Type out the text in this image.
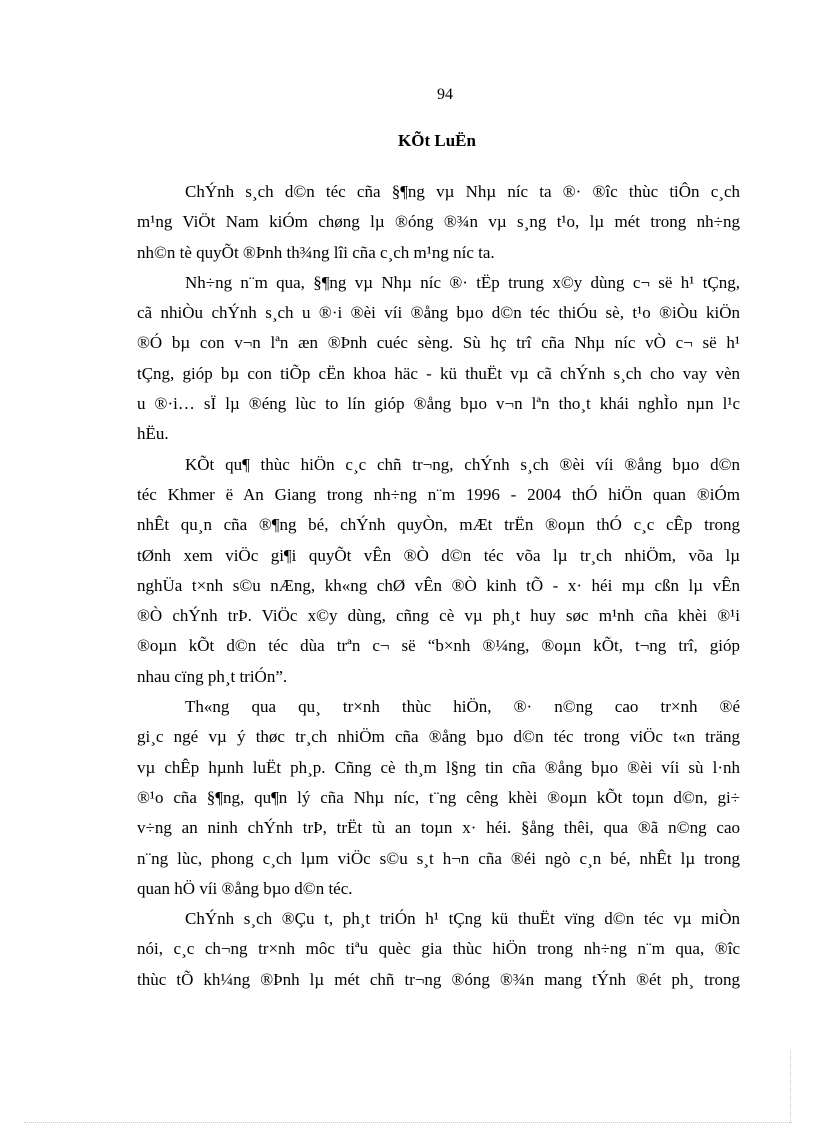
94
KÕt LuËn
ChÝnh s¸ch d©n téc cña §¶ng vµ Nhµ níc ta ®· ®îc thùc tiÔn c¸ch
m¹ng ViÖt Nam kiÓm chøng lµ ®óng ®¾n vµ s¸ng t¹o, lµ mét trong nh÷ng
nh©n tè quyÕt ®Þnh th¾ng lîi cña c¸ch m¹ng níc ta.
Nh÷ng n¨m qua, §¶ng vµ Nhµ níc ®· tËp trung x©y dùng c¬ së h¹ tÇng,
cã nhiÒu chÝnh s¸ch u ®·i ®èi víi ®ång bµo d©n téc thiÓu sè, t¹o ®iÒu kiÖn
®Ó bµ con v¬n lªn æn ®Þnh cuéc sèng. Sù hç trî cña Nhµ níc vÒ c¬ së h¹
tÇng, gióp bµ con tiÕp cËn khoa häc - kü thuËt vµ cã chÝnh s¸ch cho vay vèn
u ®·i… sÏ lµ ®éng lùc to lín gióp ®ång bµo v¬n lªn tho¸t khái nghÌo nµn l¹c
hËu.
KÕt qu¶ thùc hiÖn c¸c chñ tr¬ng, chÝnh s¸ch ®èi víi ®ång bµo d©n
téc Khmer ë An Giang trong nh÷ng n¨m 1996 - 2004 thÓ hiÖn quan ®iÓm
nhÊt qu¸n cña ®¶ng bé, chÝnh quyÒn, mÆt trËn ®oµn thÓ c¸c cÊp trong
tØnh xem viÖc gi¶i quyÕt vÊn ®Ò d©n téc võa lµ tr¸ch nhiÖm, võa lµ
nghÜa t×nh s©u nÆng, kh«ng chØ vÊn ®Ò kinh tÕ - x· héi mµ cßn lµ vÊn
®Ò chÝnh trÞ. ViÖc x©y dùng, cñng cè vµ ph¸t huy søc m¹nh cña khèi ®¹i
®oµn kÕt d©n téc dùa trªn c¬ së “b×nh ®¼ng, ®oµn kÕt, t¬ng trî, gióp
nhau cïng ph¸t triÓn”.
Th«ng qua qu¸ tr×nh thùc hiÖn, ®· n©ng cao tr×nh ®é
gi¸c ngé vµ ý thøc tr¸ch nhiÖm cña ®ång bµo d©n téc trong viÖc t«n träng
vµ chÊp hµnh luËt ph¸p. Cñng cè th¸m l§ng tin cña ®ång bµo ®èi víi sù l·nh
®¹o cña §¶ng, qu¶n lý cña Nhµ níc, t¨ng cêng khèi ®oµn kÕt toµn d©n, gi÷
v÷ng an ninh chÝnh trÞ, trËt tù an toµn x· héi. §ång thêi, qua ®ã n©ng cao
n¨ng lùc, phong c¸ch lµm viÖc s©u s¸t h¬n cña ®éi ngò c¸n bé, nhÊt lµ trong
quan hÖ víi ®ång bµo d©n téc.
ChÝnh s¸ch ®Çu t, ph¸t triÓn h¹ tÇng kü thuËt vïng d©n téc vµ miÒn
nói, c¸c ch¬ng tr×nh môc tiªu quèc gia thùc hiÖn trong nh÷ng n¨m qua, ®îc
thùc tÕ kh¼ng ®Þnh lµ mét chñ tr¬ng ®óng ®¾n mang tÝnh ®ét ph¸ trong
